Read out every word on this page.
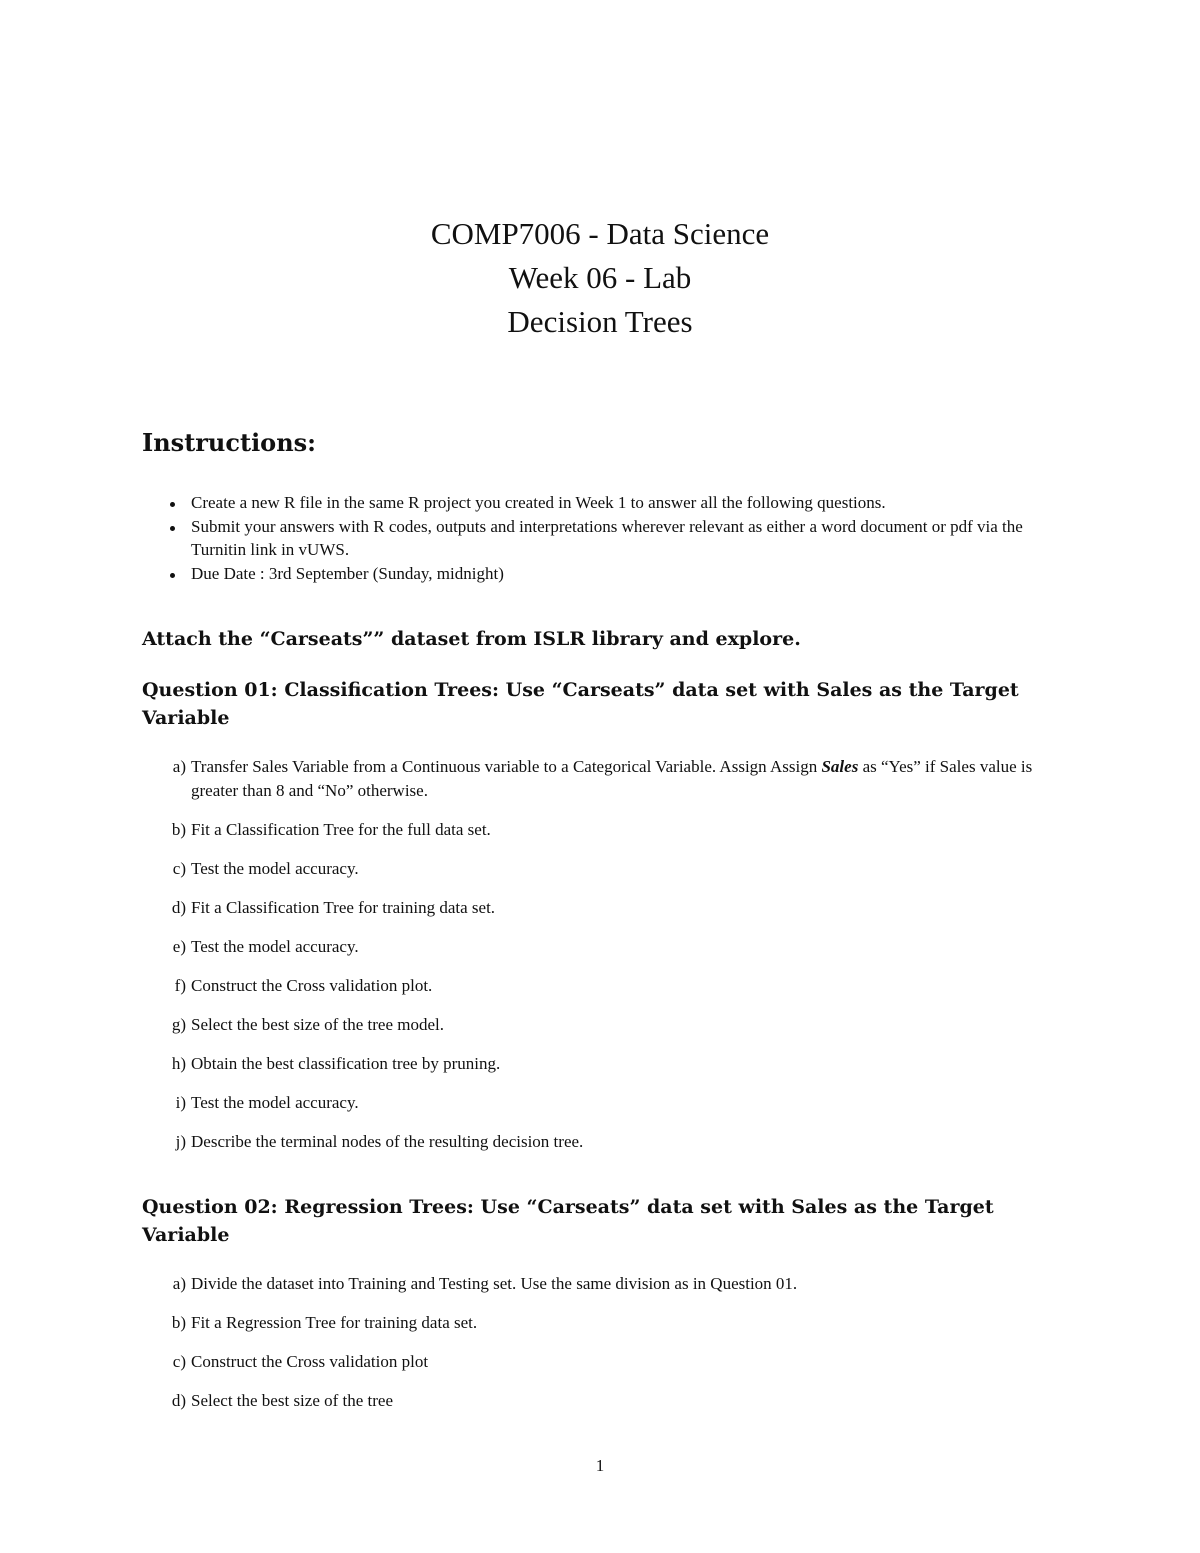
COMP7006 - Data Science

Week 06 - Lab

Decision Trees

Instructions:
Create a new R file in the same R project you created in Week 1 to answer all the following questions.
Submit your answers with R codes, outputs and interpretations wherever relevant as either a word document or pdf via the Turnitin link in vUWS.
Due Date : 3rd September (Sunday, midnight)
Attach the “Carseats”” dataset from ISLR library and explore.
Question 01: Classification Trees: Use “Carseats” data set with Sales as the Target Variable
a) Transfer Sales Variable from a Continuous variable to a Categorical Variable. Assign Assign Sales as “Yes” if Sales value is greater than 8 and “No” otherwise.
b) Fit a Classification Tree for the full data set.
c) Test the model accuracy.
d) Fit a Classification Tree for training data set.
e) Test the model accuracy.
f) Construct the Cross validation plot.
g) Select the best size of the tree model.
h) Obtain the best classification tree by pruning.
i) Test the model accuracy.
j) Describe the terminal nodes of the resulting decision tree.
Question 02: Regression Trees: Use “Carseats” data set with Sales as the Target Variable
a) Divide the dataset into Training and Testing set. Use the same division as in Question 01.
b) Fit a Regression Tree for training data set.
c) Construct the Cross validation plot
d) Select the best size of the tree
1
